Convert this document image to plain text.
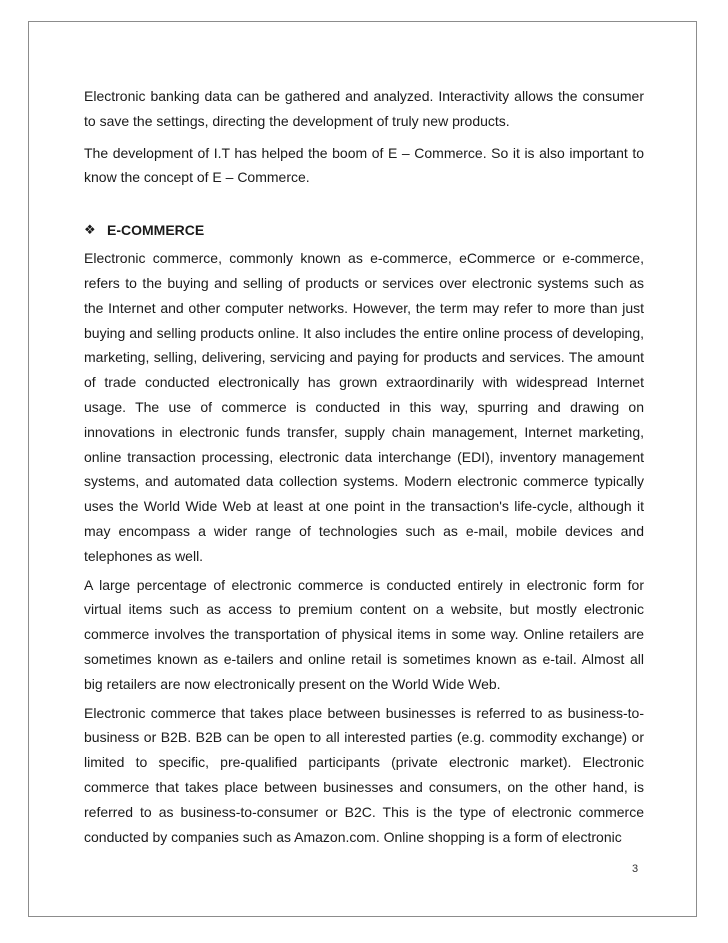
Electronic banking data can be gathered and analyzed. Interactivity allows the consumer to save the settings, directing the development of truly new products.

The development of I.T has helped the boom of E – Commerce. So it is also important to know the concept of E – Commerce.

❖ E-COMMERCE

Electronic commerce, commonly known as e-commerce, eCommerce or e-commerce, refers to the buying and selling of products or services over electronic systems such as the Internet and other computer networks. However, the term may refer to more than just buying and selling products online. It also includes the entire online process of developing, marketing, selling, delivering, servicing and paying for products and services. The amount of trade conducted electronically has grown extraordinarily with widespread Internet usage. The use of commerce is conducted in this way, spurring and drawing on innovations in electronic funds transfer, supply chain management, Internet marketing, online transaction processing, electronic data interchange (EDI), inventory management systems, and automated data collection systems. Modern electronic commerce typically uses the World Wide Web at least at one point in the transaction's life-cycle, although it may encompass a wider range of technologies such as e-mail, mobile devices and telephones as well.

A large percentage of electronic commerce is conducted entirely in electronic form for virtual items such as access to premium content on a website, but mostly electronic commerce involves the transportation of physical items in some way. Online retailers are sometimes known as e-tailers and online retail is sometimes known as e-tail. Almost all big retailers are now electronically present on the World Wide Web.

Electronic commerce that takes place between businesses is referred to as business-to-business or B2B. B2B can be open to all interested parties (e.g. commodity exchange) or limited to specific, pre-qualified participants (private electronic market). Electronic commerce that takes place between businesses and consumers, on the other hand, is referred to as business-to-consumer or B2C. This is the type of electronic commerce conducted by companies such as Amazon.com. Online shopping is a form of electronic

3
